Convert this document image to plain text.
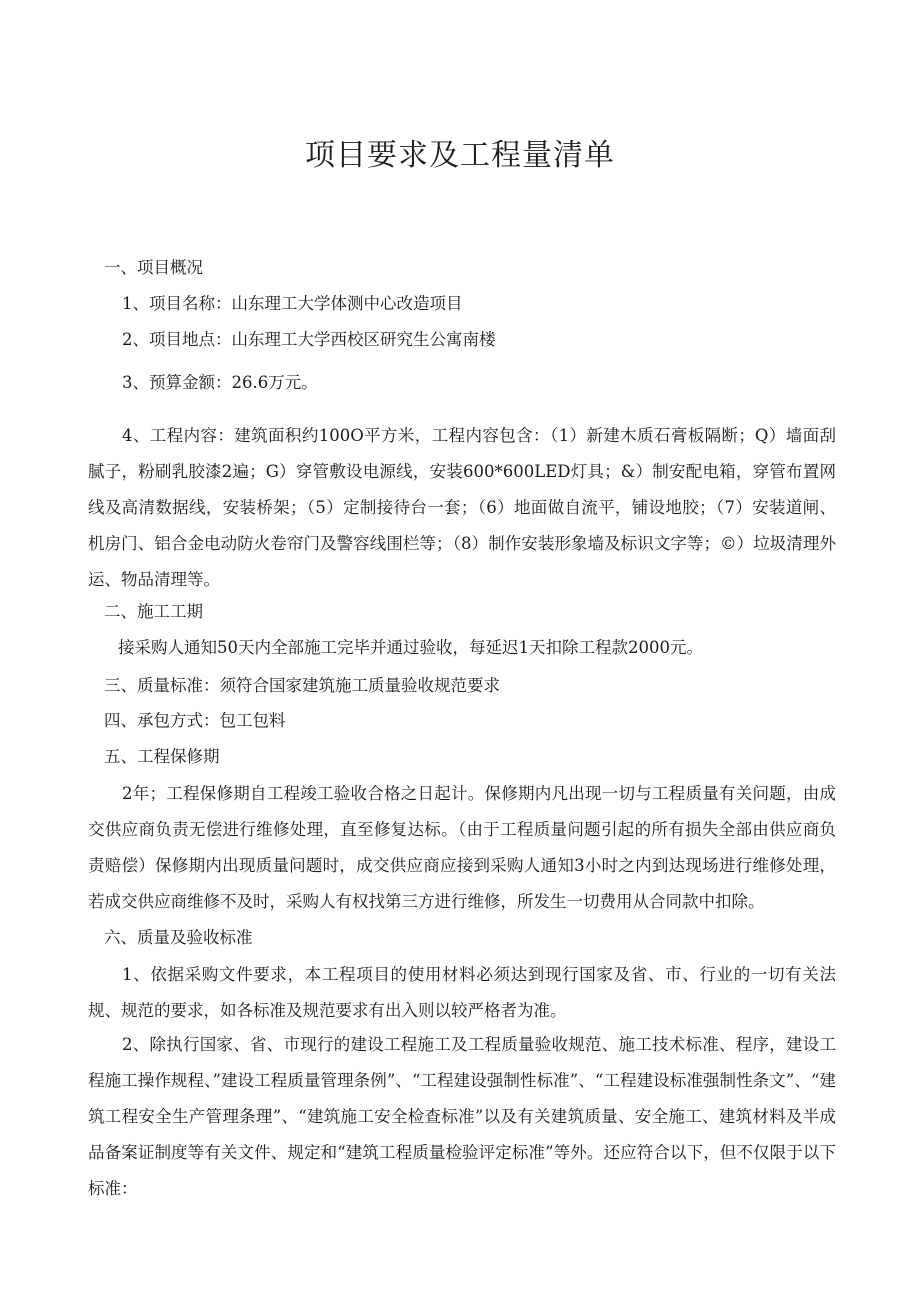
项目要求及工程量清单
一、项目概况
1、项目名称：山东理工大学体测中心改造项目
2、项目地点：山东理工大学西校区研究生公寓南楼
3、预算金额：26.6万元。
4、工程内容：建筑面积约100O平方米，工程内容包含：（1）新建木质石膏板隔断；Q）墙面刮腻子，粉刷乳胶漆2遍；G）穿管敷设电源线，安装600*600LED灯具；&）制安配电箱，穿管布置网线及高清数据线，安装桥架；（5）定制接待台一套；（6）地面做自流平，铺设地胶；（7）安装道闸、机房门、铝合金电动防火卷帘门及警容线围栏等；（8）制作安装形象墙及标识文字等；©）垃圾清理外运、物品清理等。
二、施工工期
接采购人通知50天内全部施工完毕并通过验收，每延迟1天扣除工程款2000元。
三、质量标准：须符合国家建筑施工质量验收规范要求
四、承包方式：包工包料
五、工程保修期
2年；工程保修期自工程竣工验收合格之日起计。保修期内凡出现一切与工程质量有关问题，由成交供应商负责无偿进行维修处理，直至修复达标。（由于工程质量问题引起的所有损失全部由供应商负责赔偿）保修期内出现质量问题时，成交供应商应接到采购人通知3小时之内到达现场进行维修处理，若成交供应商维修不及时，采购人有权找第三方进行维修，所发生一切费用从合同款中扣除。
六、质量及验收标准
1、依据采购文件要求，本工程项目的使用材料必须达到现行国家及省、市、行业的一切有关法规、规范的要求，如各标准及规范要求有出入则以较严格者为准。
2、除执行国家、省、市现行的建设工程施工及工程质量验收规范、施工技术标准、程序，建设工程施工操作规程、”建设工程质量管理条例”、“工程建设强制性标准”、“工程建设标准强制性条文”、“建筑工程安全生产管理条理”、“建筑施工安全检查标准”以及有关建筑质量、安全施工、建筑材料及半成品备案证制度等有关文件、规定和“建筑工程质量检验评定标准”等外。还应符合以下，但不仅限于以下标准：
